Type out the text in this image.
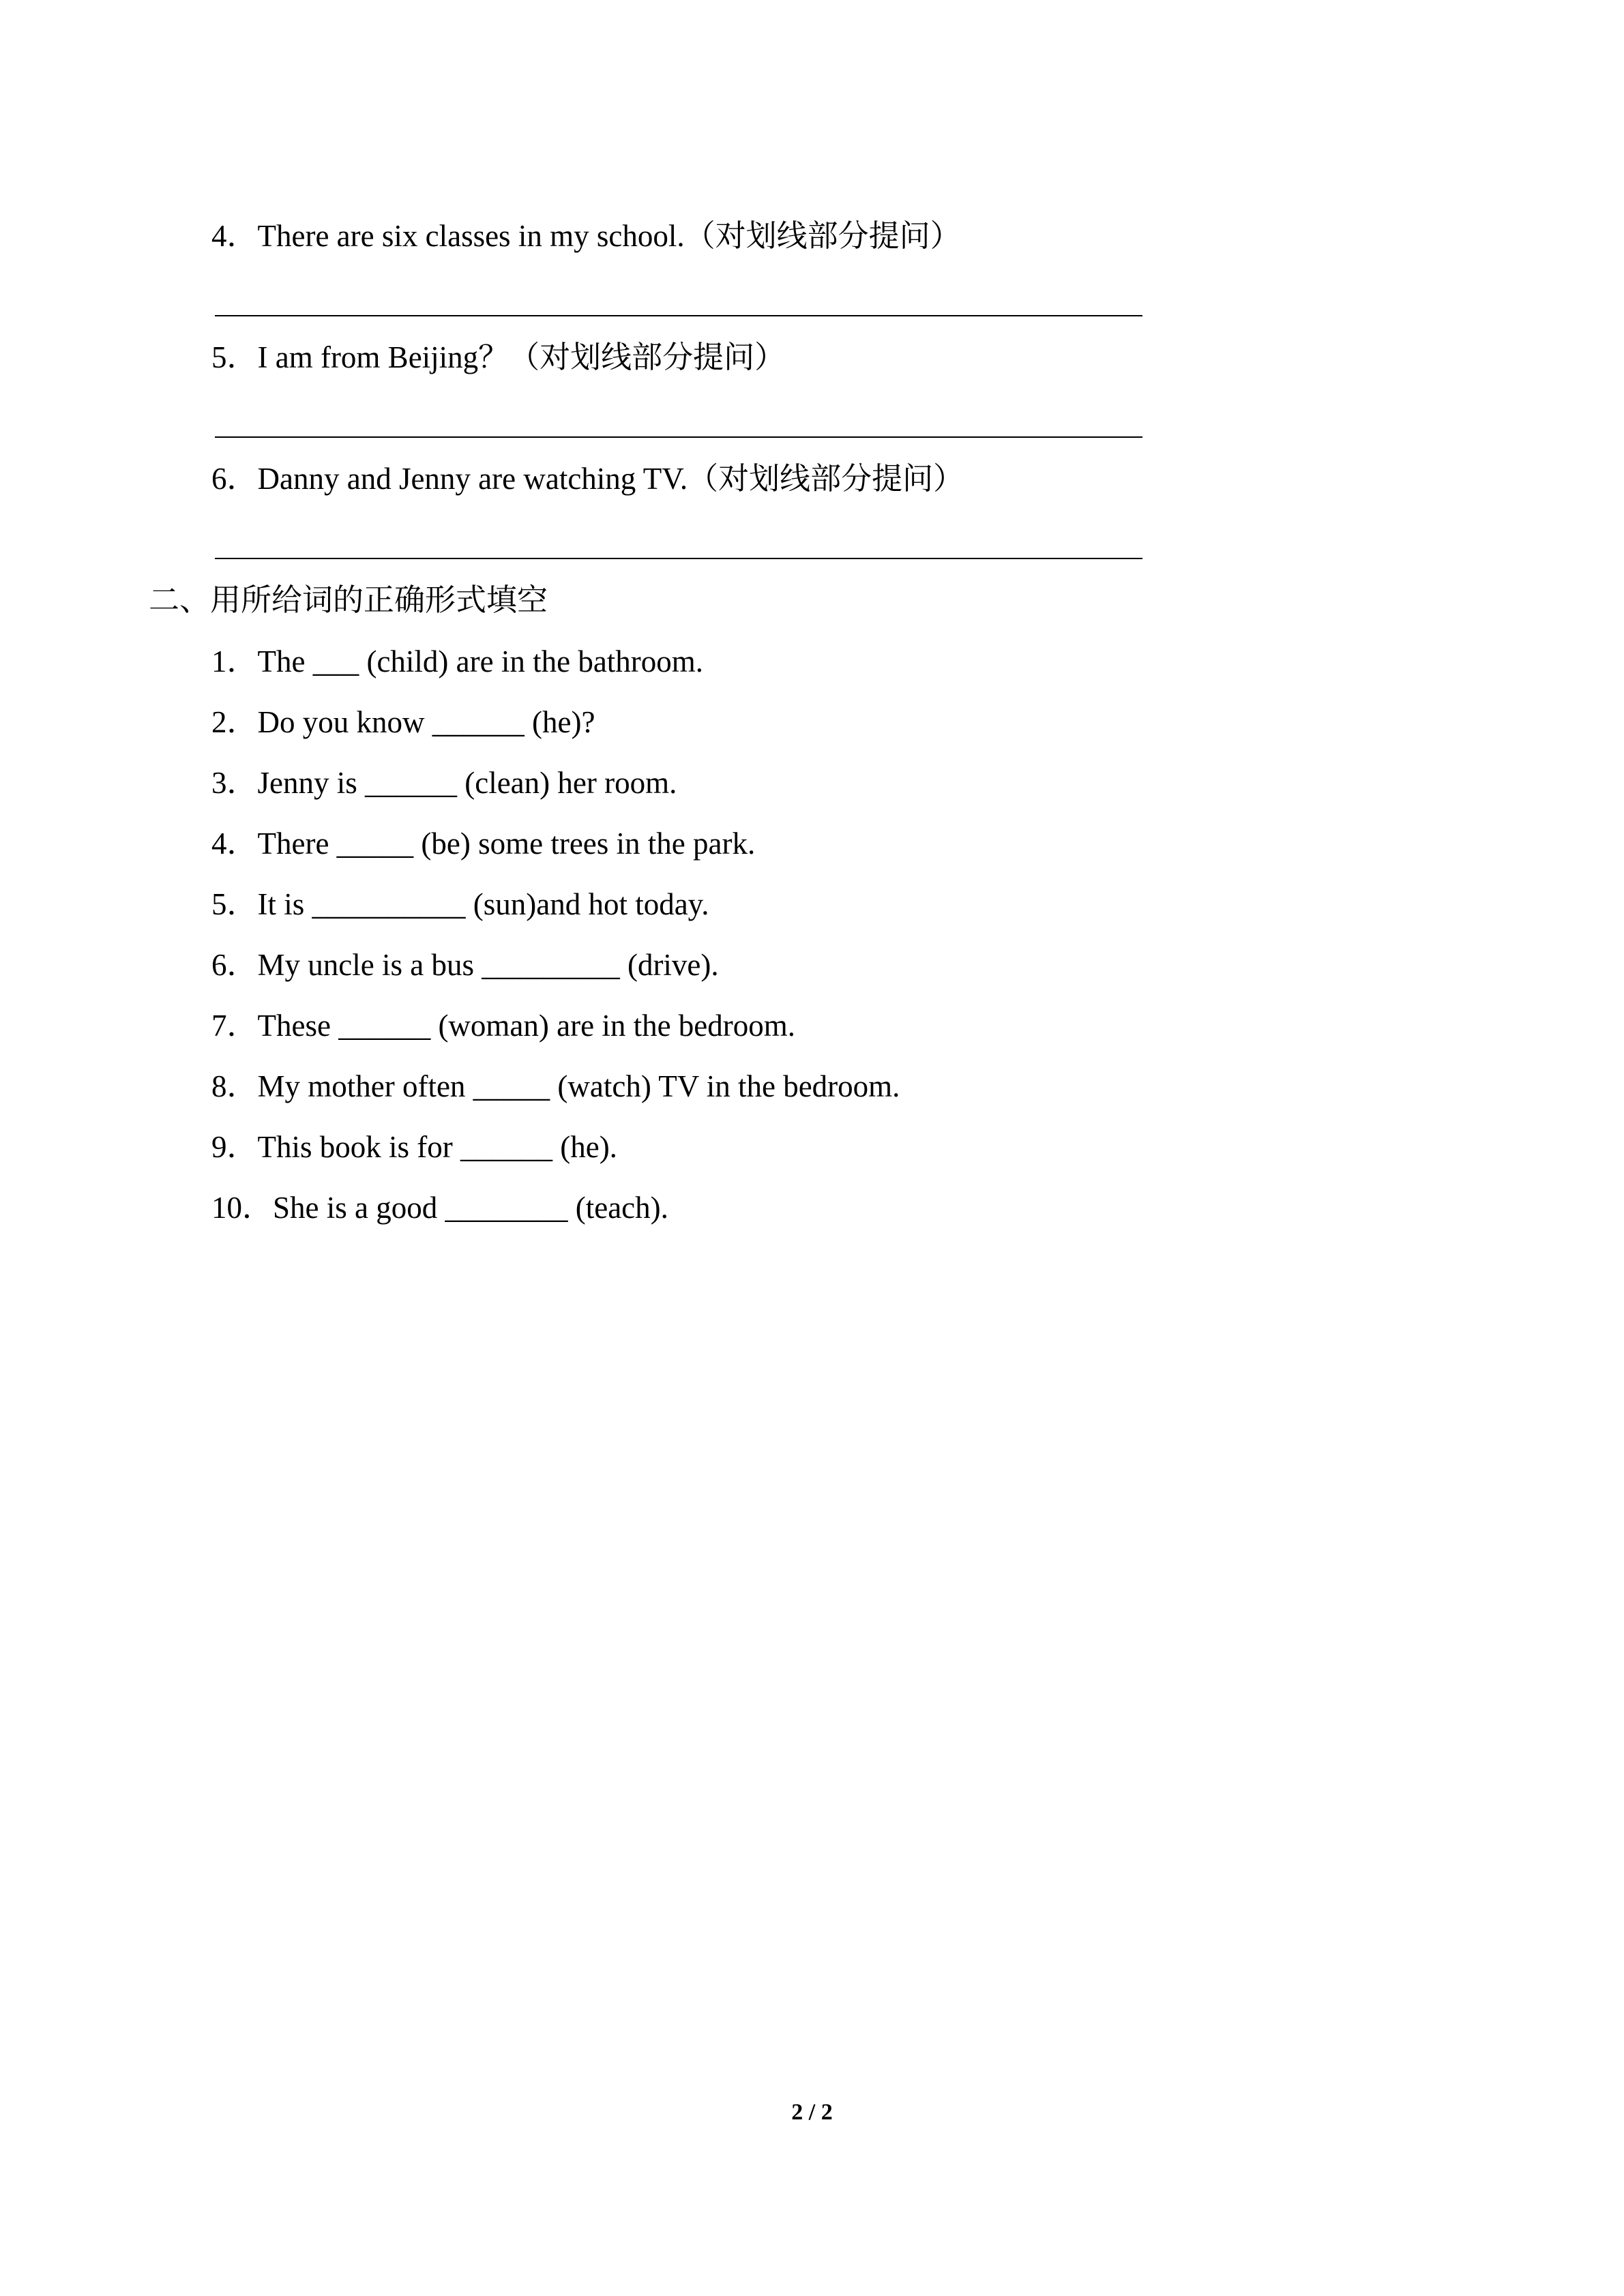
4．There are six classes in my school.（对划线部分提问）
5．I am from Beijing？（对划线部分提问）
6．Danny and Jenny are watching TV.（对划线部分提问）
二、用所给词的正确形式填空
1．The ___ (child) are in the bathroom.
2．Do you know ______ (he)?
3．Jenny is ______ (clean) her room.
4．There _____ (be) some trees in the park.
5．It is __________ (sun)and hot today.
6．My uncle is a bus _________ (drive).
7．These ______ (woman) are in the bedroom.
8．My mother often _____ (watch) TV in the bedroom.
9．This book is for ______ (he).
10．She is a good ________ (teach).
2 / 2
